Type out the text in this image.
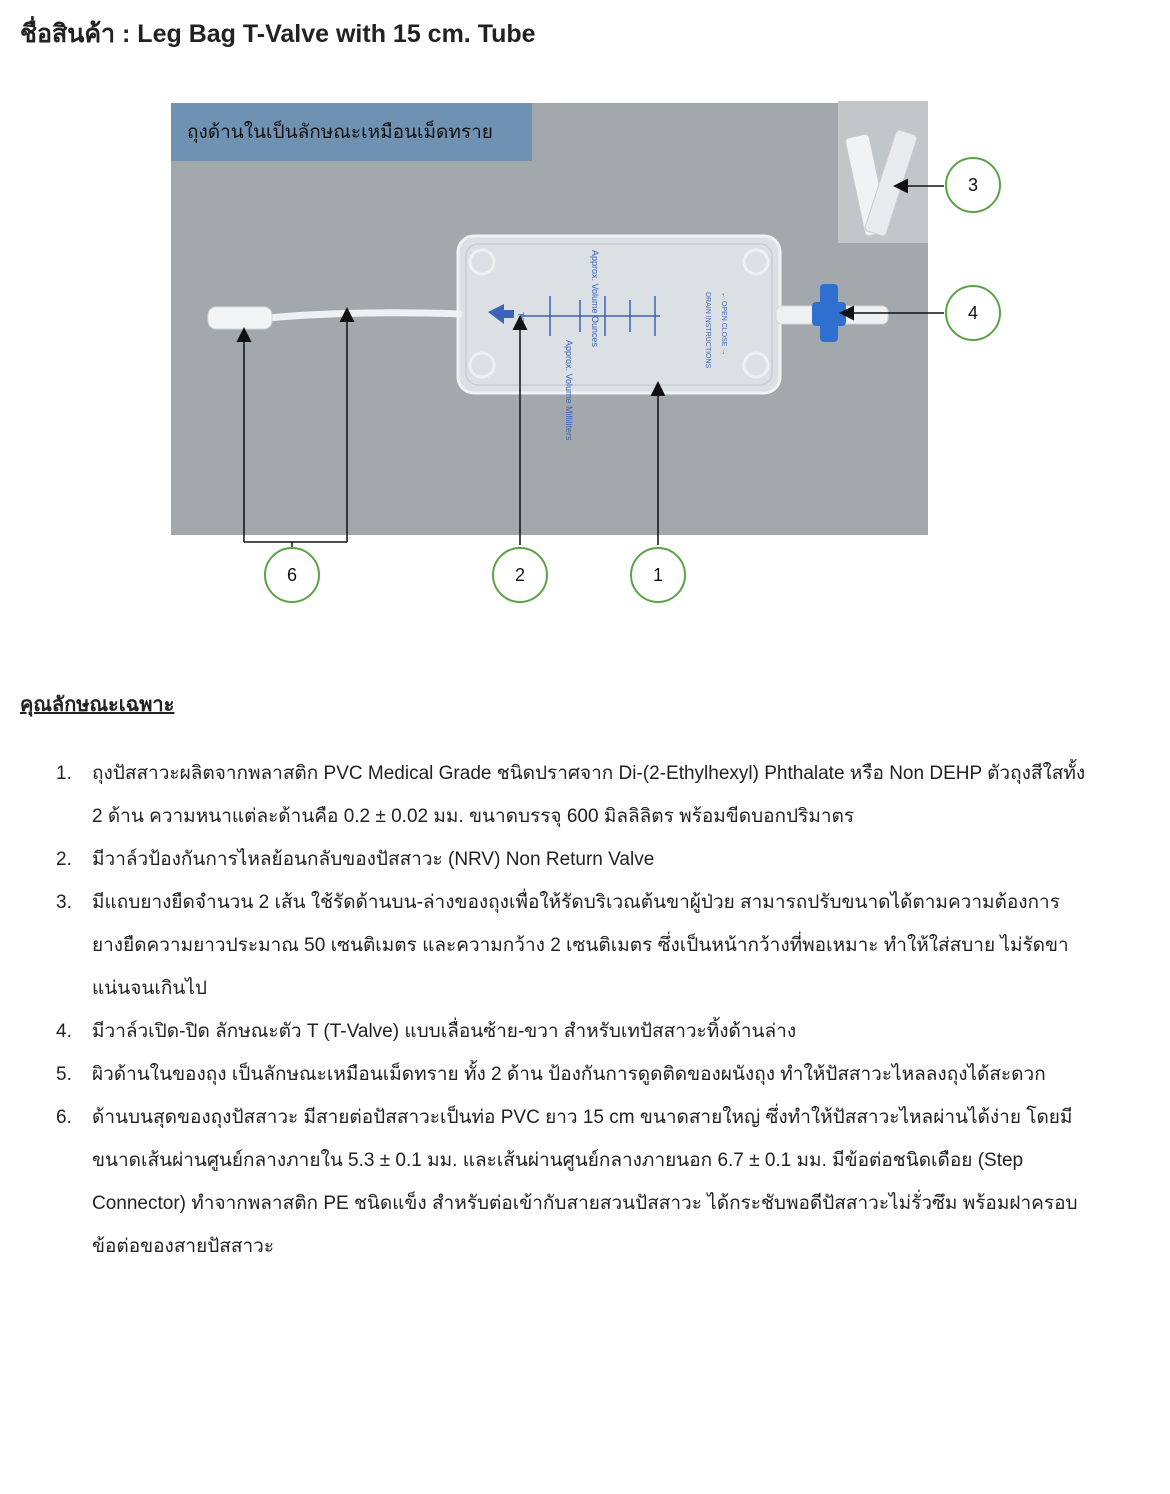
ชื่อสินค้า : Leg Bag T-Valve with 15 cm. Tube
TOP	Approx. Volume Ounces
Approx. Volume Milliliters
DRAIN INSTRUCTIONS ← OPEN CLOSE →
ถุงด้านในเป็นลักษณะเหมือนเม็ดทราย
3
4
1
2
6
คุณลักษณะเฉพาะ
1.	ถุงปัสสาวะผลิตจากพลาสติก PVC Medical Grade ชนิดปราศจาก Di-(2-Ethylhexyl) Phthalate หรือ Non DEHP ตัวถุงสีใสทั้ง 2 ด้าน ความหนาแต่ละด้านคือ 0.2 ± 0.02 มม. ขนาดบรรจุ 600 มิลลิลิตร พร้อมขีดบอกปริมาตร
2.	มีวาล์วป้องกันการไหลย้อนกลับของปัสสาวะ (NRV) Non Return Valve
3.	มีแถบยางยืดจำนวน 2 เส้น ใช้รัดด้านบน-ล่างของถุงเพื่อให้รัดบริเวณต้นขาผู้ป่วย สามารถปรับขนาดได้ตามความต้องการ ยางยืดความยาวประมาณ 50 เซนติเมตร และความกว้าง 2 เซนติเมตร ซึ่งเป็นหน้ากว้างที่พอเหมาะ ทำให้ใส่สบาย ไม่รัดขาแน่นจนเกินไป
4.	มีวาล์วเปิด-ปิด ลักษณะตัว T (T-Valve) แบบเลื่อนซ้าย-ขวา สำหรับเทปัสสาวะทิ้งด้านล่าง
5.	ผิวด้านในของถุง เป็นลักษณะเหมือนเม็ดทราย ทั้ง 2 ด้าน ป้องกันการดูดติดของผนังถุง ทำให้ปัสสาวะไหลลงถุงได้สะดวก
6.	ด้านบนสุดของถุงปัสสาวะ มีสายต่อปัสสาวะเป็นท่อ PVC ยาว 15 cm ขนาดสายใหญ่ ซึ่งทำให้ปัสสาวะไหลผ่านได้ง่าย โดยมีขนาดเส้นผ่านศูนย์กลางภายใน 5.3 ± 0.1 มม. และเส้นผ่านศูนย์กลางภายนอก 6.7 ± 0.1 มม. มีข้อต่อชนิดเดือย (Step Connector) ทำจากพลาสติก PE ชนิดแข็ง สำหรับต่อเข้ากับสายสวนปัสสาวะ ได้กระชับพอดีปัสสาวะไม่รั่วซึม พร้อมฝาครอบข้อต่อของสายปัสสาวะ
